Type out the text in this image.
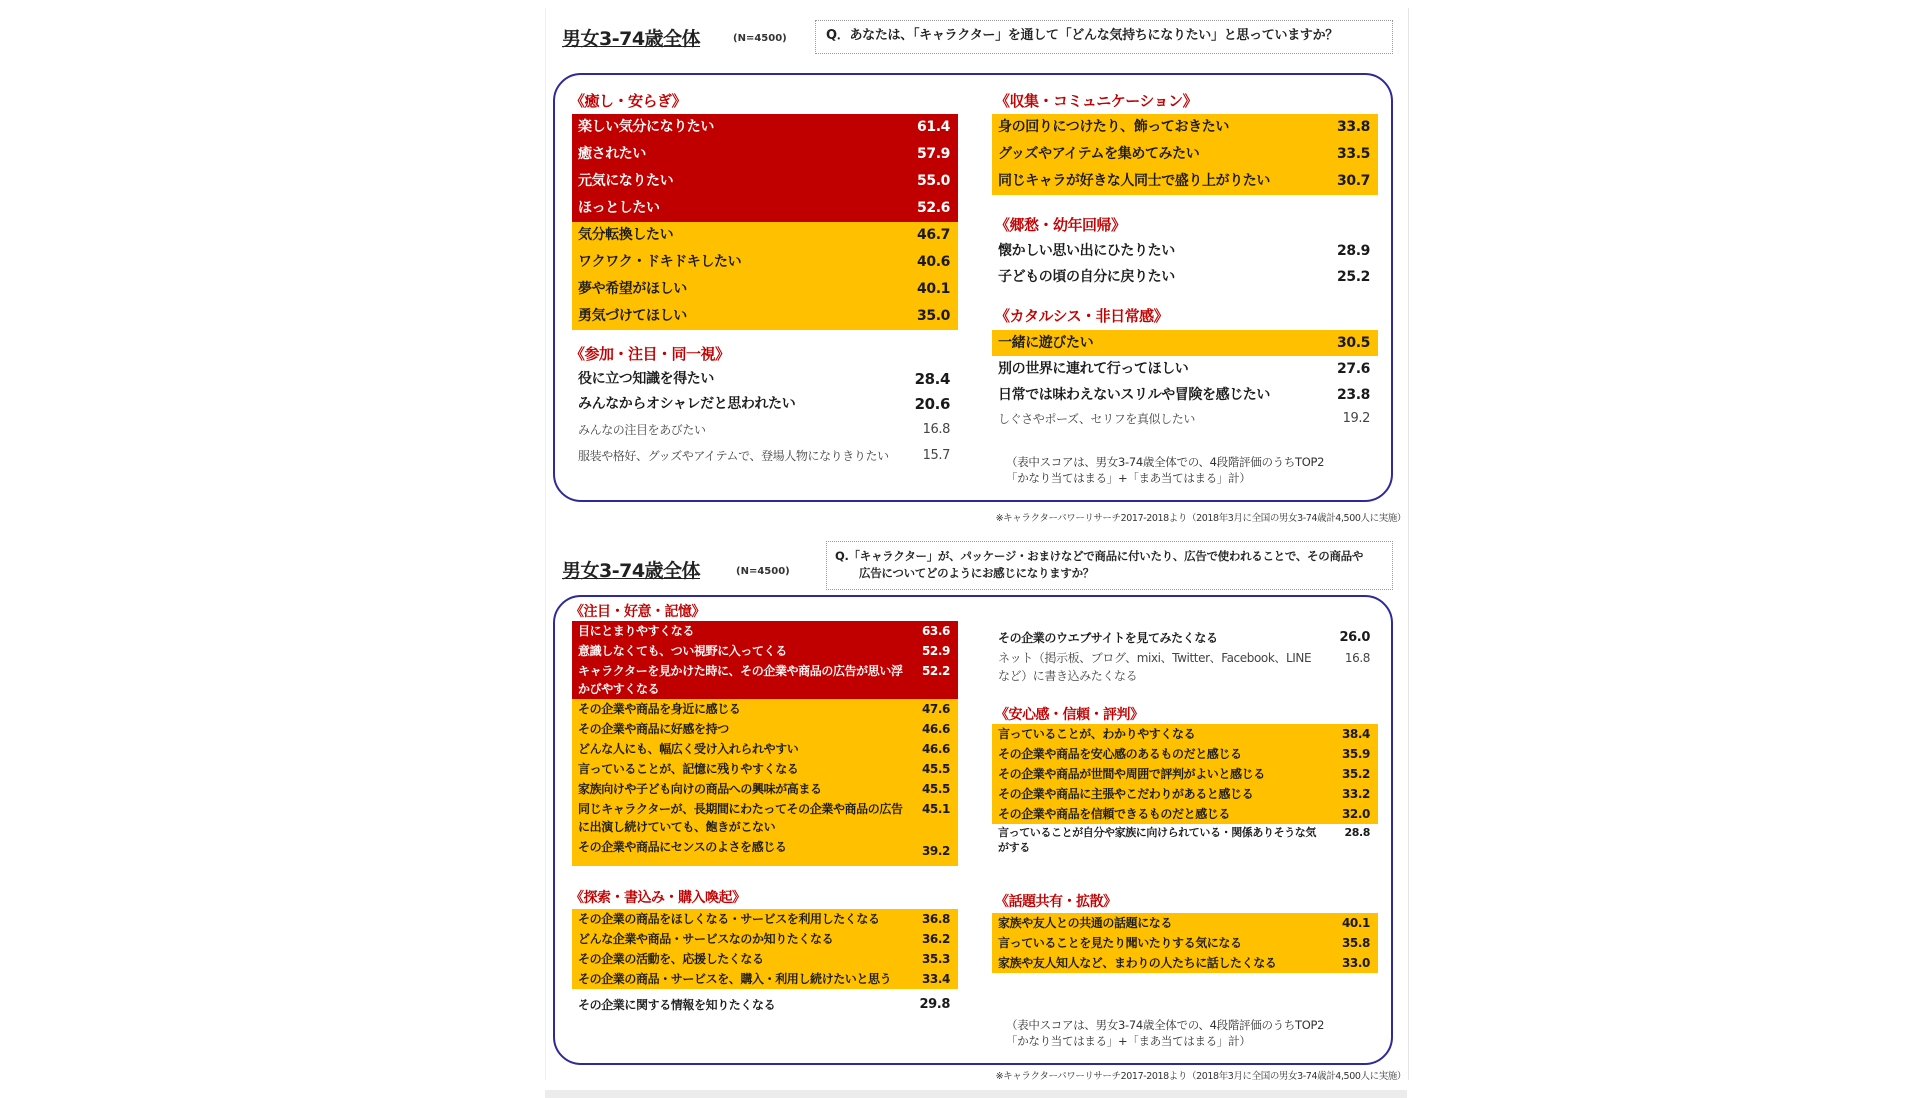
男女3-74歳全体	(N=4500)	Q．あなたは、「キャラクター」を通して「どんな気持ちになりたい」と思っていますか？
《癒し・安らぎ》
楽しい気分になりたい	61.4
癒されたい	57.9
元気になりたい	55.0
ほっとしたい	52.6
気分転換したい	46.7
ワクワク・ドキドキしたい	40.6
夢や希望がほしい	40.1
勇気づけてほしい	35.0
《参加・注目・同一視》
役に立つ知識を得たい	28.4
みんなからオシャレだと思われたい	20.6
みんなの注目をあびたい	16.8
服装や格好、グッズやアイテムで、登場人物になりきりたい	15.7
《収集・コミュニケーション》
身の回りにつけたり、飾っておきたい	33.8
グッズやアイテムを集めてみたい	33.5
同じキャラが好きな人同士で盛り上がりたい	30.7
《郷愁・幼年回帰》
懐かしい思い出にひたりたい	28.9
子どもの頃の自分に戻りたい	25.2
《カタルシス・非日常感》
一緒に遊びたい	30.5
別の世界に連れて行ってほしい	27.6
日常では味わえないスリルや冒険を感じたい	23.8
しぐさやポーズ、セリフを真似したい	19.2
（表中スコアは、男女3-74歳全体での、4段階評価のうちTOP2
「かなり当てはまる」+「まあ当てはまる」計）
※キャラクターパワーリサーチ2017-2018より（2018年3月に全国の男女3-74歳計4,500人に実施）
男女3-74歳全体	(N=4500)
Q.「キャラクター」が、パッケージ・おまけなどで商品に付いたり、広告で使われることで、その商品や
広告についてどのようにお感じになりますか？
《注目・好意・記憶》
目にとまりやすくなる	63.6
意識しなくても、つい視野に入ってくる	52.9
キャラクターを見かけた時に、その企業や商品の広告が思い浮かびやすくなる
52.2
その企業や商品を身近に感じる	47.6
その企業や商品に好感を持つ	46.6
どんな人にも、幅広く受け入れられやすい	46.6
言っていることが、記憶に残りやすくなる	45.5
家族向けや子ども向けの商品への興味が高まる	45.5
同じキャラクターが、長期間にわたってその企業や商品の広告に出演し続けていても、飽きがこない
45.1
その企業や商品にセンスのよさを感じる	39.2
《探索・書込み・購入喚起》
その企業の商品をほしくなる・サービスを利用したくなる	36.8
どんな企業や商品・サービスなのか知りたくなる	36.2
その企業の活動を、応援したくなる	35.3
その企業の商品・サービスを、購入・利用し続けたいと思う	33.4
その企業に関する情報を知りたくなる	29.8
その企業のウエブサイトを見てみたくなる	26.0
ネット（掲示板、ブログ、mixi、Twitter、Facebook、LINEなど）に書き込みたくなる
16.8
《安心感・信頼・評判》
言っていることが、わかりやすくなる	38.4
その企業や商品を安心感のあるものだと感じる	35.9
その企業や商品が世間や周囲で評判がよいと感じる	35.2
その企業や商品に主張やこだわりがあると感じる	33.2
その企業や商品を信頼できるものだと感じる	32.0
言っていることが自分や家族に向けられている・関係ありそうな気がする
28.8
《話題共有・拡散》
家族や友人との共通の話題になる	40.1
言っていることを見たり聞いたりする気になる	35.8
家族や友人知人など、まわりの人たちに話したくなる	33.0
（表中スコアは、男女3-74歳全体での、4段階評価のうちTOP2
「かなり当てはまる」+「まあ当てはまる」計）
※キャラクターパワーリサーチ2017-2018より（2018年3月に全国の男女3-74歳計4,500人に実施）
